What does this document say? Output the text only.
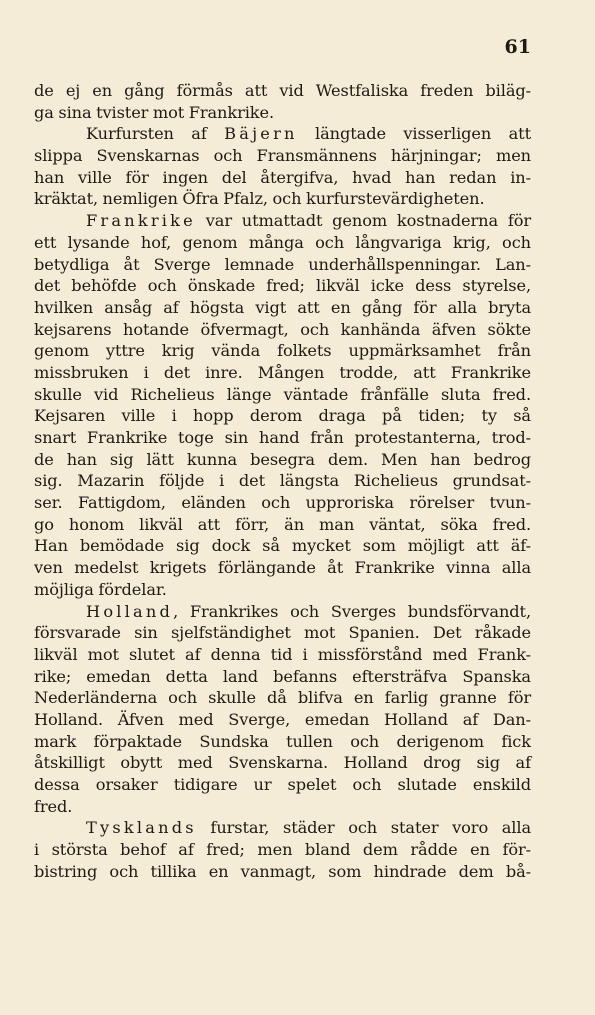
61
de ej en gång förmås att vid Westfaliska freden biläg-
ga sina tvister mot Frankrike.
Kurfursten af Bäjern längtade visserligen att
slippa Svenskarnas och Fransmännens härjningar; men
han ville för ingen del återgifva, hvad han redan in-
kräktat, nemligen Öfra Pfalz, och kurfurstevärdigheten.
Frankrike var utmattadt genom kostnaderna för
ett lysande hof, genom många och långvariga krig, och
betydliga åt Sverge lemnade underhållspenningar. Lan-
det behöfde och önskade fred; likväl icke dess styrelse,
hvilken ansåg af högsta vigt att en gång för alla bryta
kejsarens hotande öfvermagt, och kanhända äfven sökte
genom yttre krig vända folkets uppmärksamhet från
missbruken i det inre. Mången trodde, att Frankrike
skulle vid Richelieus länge väntade frånfälle sluta fred.
Kejsaren ville i hopp derom draga på tiden; ty så
snart Frankrike toge sin hand från protestanterna, trod-
de han sig lätt kunna besegra dem. Men han bedrog
sig. Mazarin följde i det längsta Richelieus grundsat-
ser. Fattigdom, eländen och upproriska rörelser tvun-
go honom likväl att förr, än man väntat, söka fred.
Han bemödade sig dock så mycket som möjligt att äf-
ven medelst krigets förlängande åt Frankrike vinna alla
möjliga fördelar.
Holland, Frankrikes och Sverges bundsförvandt,
försvarade sin sjelfständighet mot Spanien. Det råkade
likväl mot slutet af denna tid i missförstånd med Frank-
rike; emedan detta land befanns eftersträfva Spanska
Nederländerna och skulle då blifva en farlig granne för
Holland. Äfven med Sverge, emedan Holland af Dan-
mark förpaktade Sundska tullen och derigenom fick
åtskilligt obytt med Svenskarna. Holland drog sig af
dessa orsaker tidigare ur spelet och slutade enskild
fred.
Tysklands furstar, städer och stater voro alla
i största behof af fred; men bland dem rådde en för-
bistring och tillika en vanmagt, som hindrade dem bå-
